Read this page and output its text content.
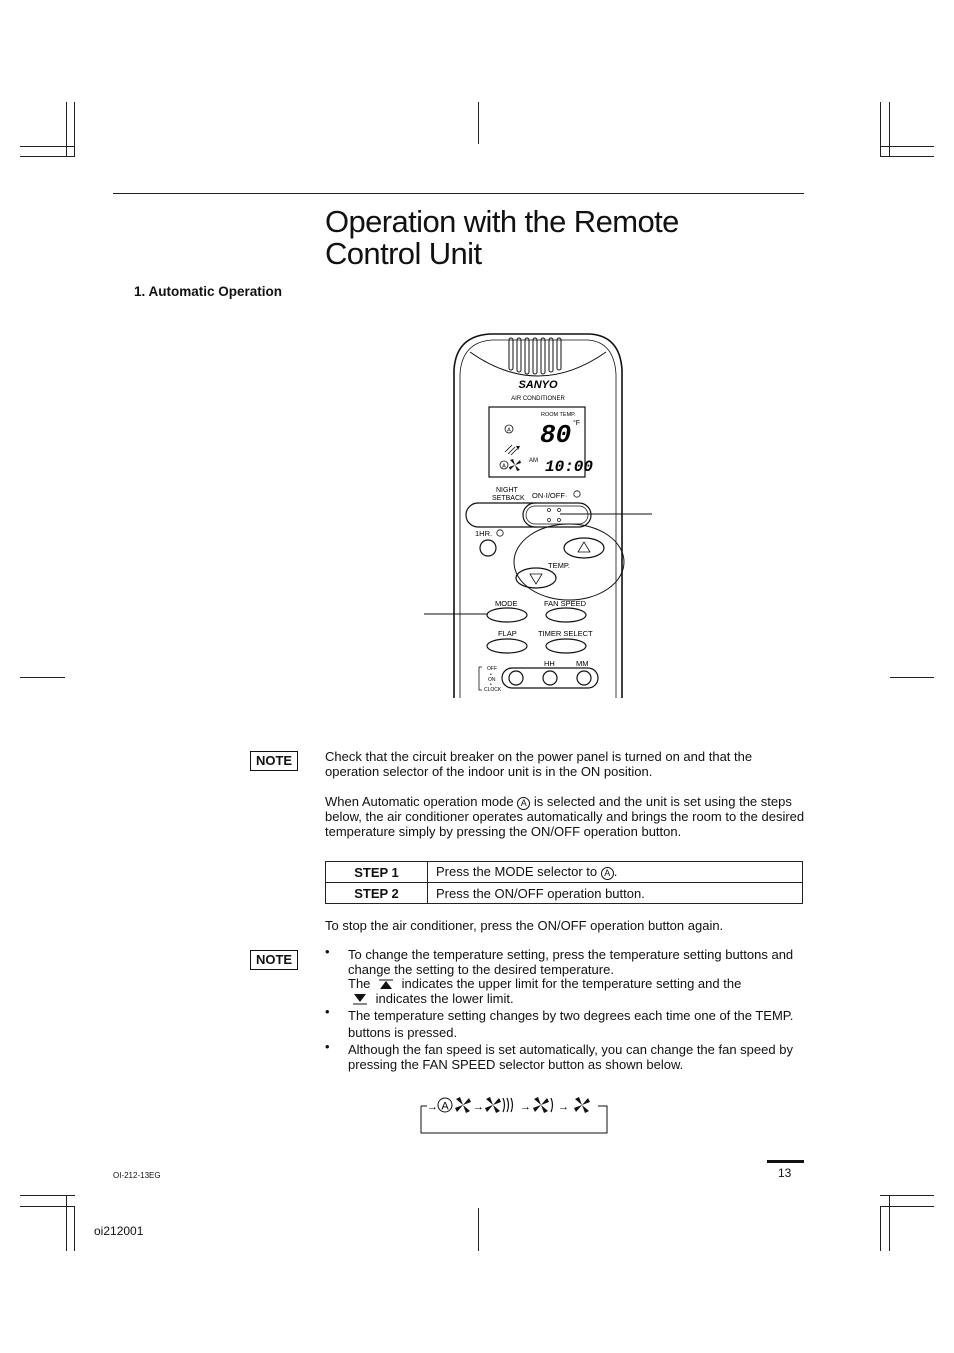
Operation with the Remote
Control Unit
1. Automatic Operation
SANYO
AIR CONDITIONER
ROOM TEMP.
80 °F
A
A
AM 10:00
NIGHT
SETBACK ON·I/OFF·
1HR.
TEMP.
MODE	FAN SPEED
FLAP	TIMER SELECT
OFF
•
ON
•
CLOCK
HH	MM
NOTE	Check that the circuit breaker on the power panel is turned on and that the operation selector of the indoor unit is in the ON position.
When Automatic operation mode A is selected and the unit is set using the steps below, the air conditioner operates automatically and brings the room to the desired temperature simply by pressing the ON/OFF operation button.
STEP 1	Press the MODE selector to A .
STEP 2	Press the ON/OFF operation button.
To stop the air conditioner, press the ON/OFF operation button again.
NOTE
• To change the temperature setting, press the temperature setting buttons and change the setting to the desired temperature.
The indicates the upper limit for the temperature setting and the
indicates the lower limit.
• The temperature setting changes by two degrees each time one of the TEMP. buttons is pressed.
• Although the fan speed is set automatically, you can change the fan speed by pressing the FAN SPEED selector button as shown below.
→ A →	→ →
13
OI-212-13EG
oi212001
